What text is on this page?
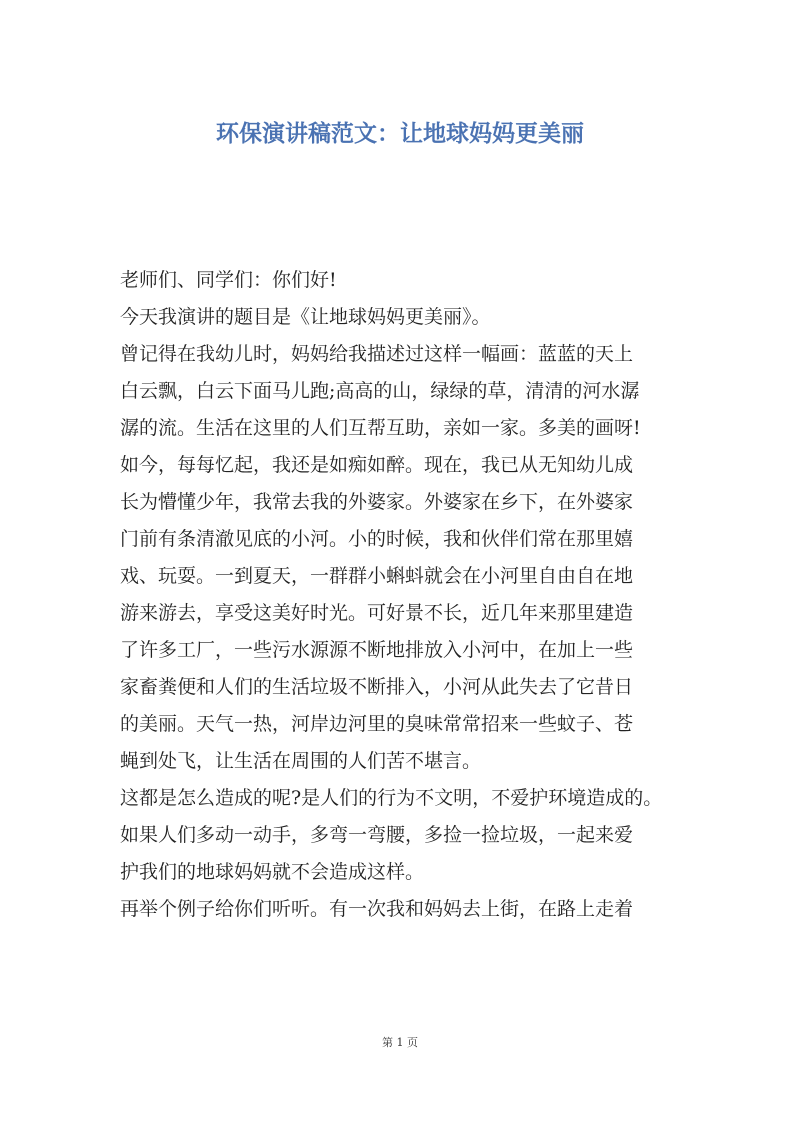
环保演讲稿范文：让地球妈妈更美丽
老师们、同学们：你们好!
今天我演讲的题目是《让地球妈妈更美丽》。
曾记得在我幼儿时，妈妈给我描述过这样一幅画：蓝蓝的天上
白云飘，白云下面马儿跑;高高的山，绿绿的草，清清的河水潺
潺的流。生活在这里的人们互帮互助，亲如一家。多美的画呀!
如今，每每忆起，我还是如痴如醉。现在，我已从无知幼儿成
长为懵懂少年，我常去我的外婆家。外婆家在乡下，在外婆家
门前有条清澈见底的小河。小的时候，我和伙伴们常在那里嬉
戏、玩耍。一到夏天，一群群小蝌蚪就会在小河里自由自在地
游来游去，享受这美好时光。可好景不长，近几年来那里建造
了许多工厂，一些污水源源不断地排放入小河中，在加上一些
家畜粪便和人们的生活垃圾不断排入，小河从此失去了它昔日
的美丽。天气一热，河岸边河里的臭味常常招来一些蚊子、苍
蝇到处飞，让生活在周围的人们苦不堪言。
这都是怎么造成的呢?是人们的行为不文明，不爱护环境造成的。
如果人们多动一动手，多弯一弯腰，多捡一捡垃圾，一起来爱
护我们的地球妈妈就不会造成这样。
再举个例子给你们听听。有一次我和妈妈去上街，在路上走着
第 1 页
